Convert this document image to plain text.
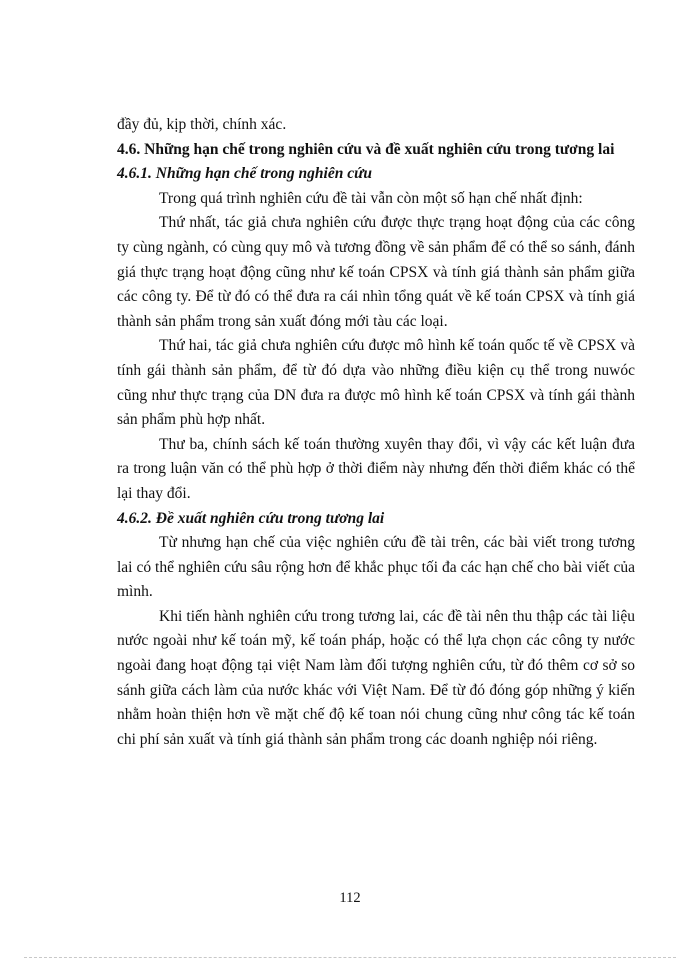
đầy đủ, kịp thời, chính xác.

4.6. Những hạn chế trong nghiên cứu và đề xuất nghiên cứu trong tương lai

4.6.1. Những hạn chế trong nghiên cứu

Trong quá trình nghiên cứu đề tài vẫn còn một số hạn chế nhất định:

Thứ nhất, tác giả chưa nghiên cứu được thực trạng hoạt động của các công ty cùng ngành, có cùng quy mô và tương đồng về sản phẩm để có thể so sánh, đánh giá thực trạng hoạt động cũng như kế toán CPSX và tính giá thành sản phẩm giữa các công ty. Để từ đó có thể đưa ra cái nhìn tổng quát về kế toán CPSX và tính giá thành sản phẩm trong sản xuất đóng mới tàu các loại.

Thứ hai, tác giả chưa nghiên cứu được mô hình kế toán quốc tế về CPSX và tính gái thành sản phẩm, để từ đó dựa vào những điều kiện cụ thể trong nuwóc cũng như thực trạng của DN đưa ra được mô hình kế toán CPSX và tính gái thành sản phẩm phù hợp nhất.

Thư ba, chính sách kế toán thường xuyên thay đổi, vì vậy các kết luận đưa ra trong luận văn có thể phù hợp ở thời điểm này nhưng đến thời điểm khác có thể lại thay đổi.

4.6.2. Đề xuất nghiên cứu trong tương lai

Từ nhưng hạn chế của việc nghiên cứu đề tài trên, các bài viết trong tương lai có thể nghiên cứu sâu rộng hơn để khắc phục tối đa các hạn chế cho bài viết của mình.

Khi tiến hành nghiên cứu trong tương lai, các đề tài nên thu thập các tài liệu nước ngoài như kế toán mỹ, kế toán pháp, hoặc có thể lựa chọn các công ty nước ngoài đang hoạt động tại việt Nam làm đối tượng nghiên cứu, từ đó thêm cơ sở so sánh giữa cách làm của nước khác với Việt Nam. Để từ đó đóng góp những ý kiến nhằm hoàn thiện hơn về mặt chế độ kế toan nói chung cũng như công tác kế toán chi phí sản xuất và tính giá thành sản phẩm trong các doanh nghiệp nói riêng.

112
